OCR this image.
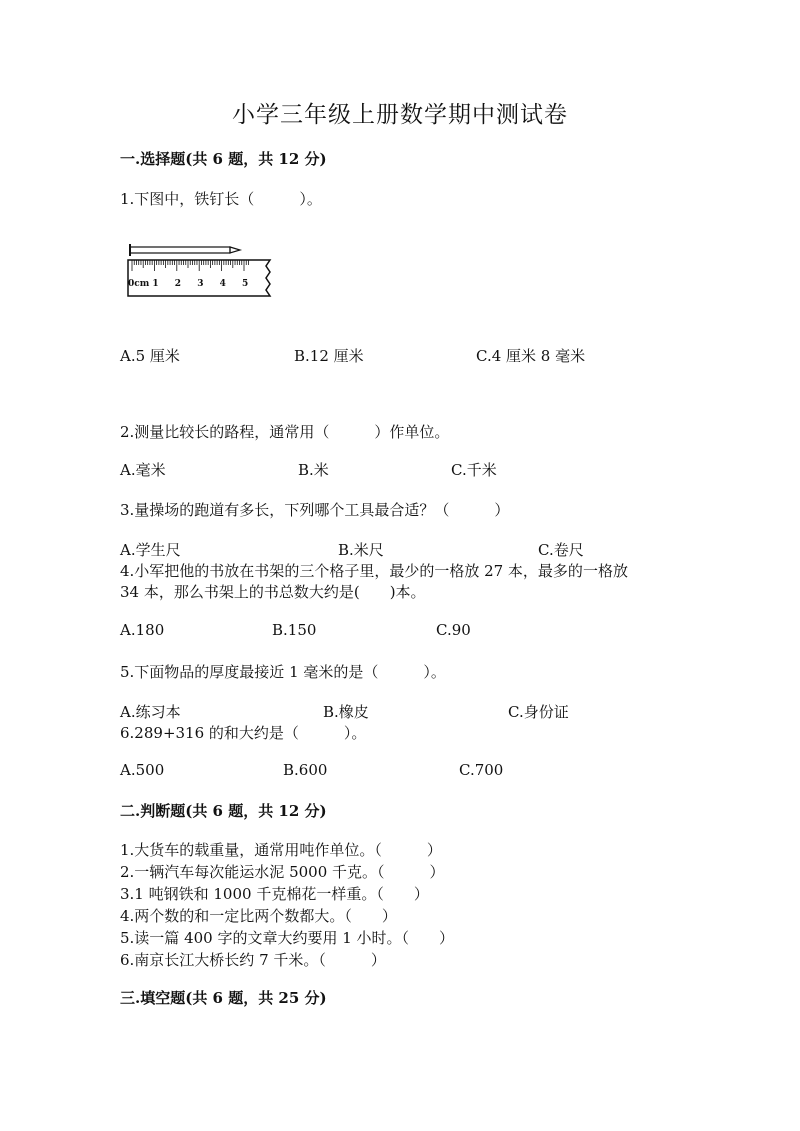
小学三年级上册数学期中测试卷
一.选择题(共 6 题，共 12 分)
1.下图中，铁钉长（　　　）。
0cm 1 2 3 4 5
A.5 厘米	B.12 厘米	C.4 厘米 8 毫米
2.测量比较长的路程，通常用（　　　）作单位。
A.毫米	B.米	C.千米
3.量操场的跑道有多长，下列哪个工具最合适？（　　　）
A.学生尺	B.米尺	C.卷尺
4.小军把他的书放在书架的三个格子里，最少的一格放 27 本，最多的一格放
34 本，那么书架上的书总数大约是(　　)本。
A.180	B.150	C.90
5.下面物品的厚度最接近 1 毫米的是（　　　）。
A.练习本	B.橡皮	C.身份证
6.289+316 的和大约是（　　　）。
A.500	B.600	C.700
二.判断题(共 6 题，共 12 分)
1.大货车的载重量，通常用吨作单位。（　　　）
2.一辆汽车每次能运水泥 5000 千克。（　　　）
3.1 吨钢铁和 1000 千克棉花一样重。（　　）
4.两个数的和一定比两个数都大。（　　）
5.读一篇 400 字的文章大约要用 1 小时。（　　）
6.南京长江大桥长约 7 千米。（　　　）
三.填空题(共 6 题，共 25 分)
